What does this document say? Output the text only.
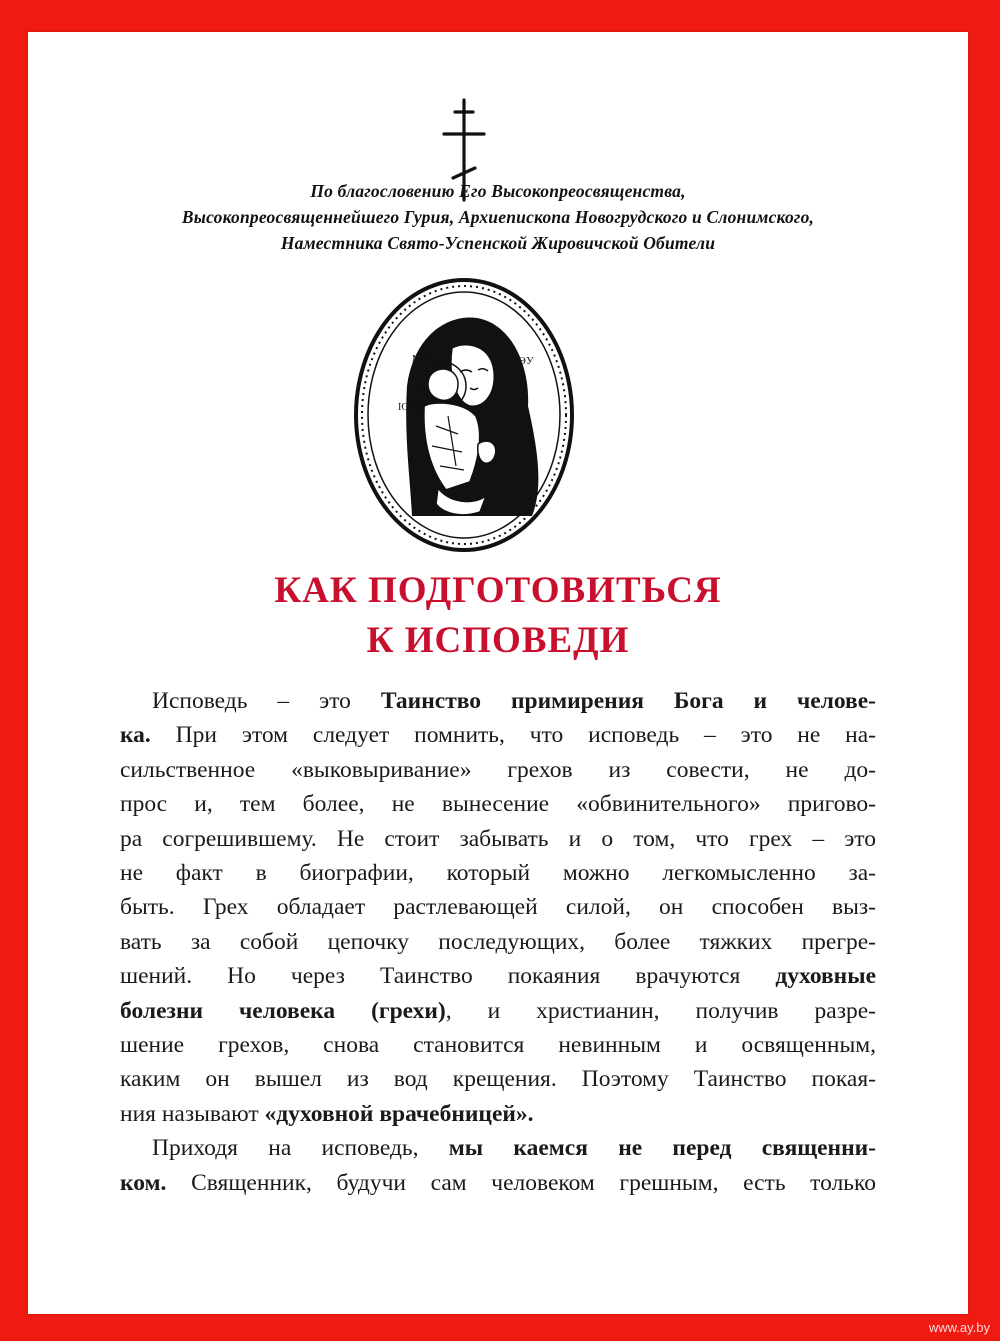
По благословению Его Высокопреосвященства,
Высокопреосвященнейшего Гурия, Архиепископа Новогрудского и Слонимского,
Наместника Свято-Успенской Жировичской Обители
МР	ΘУ
IC XC
КАК ПОДГОТОВИТЬСЯ
К ИСПОВЕДИ
Исповедь – это Таинство примирения Бога и челове-
ка. При этом следует помнить, что исповедь – это не на-
сильственное «выковыривание» грехов из совести, не до-
прос и, тем более, не вынесение «обвинительного» пригово-
ра согрешившему. Не стоит забывать и о том, что грех – это
не факт в биографии, который можно легкомысленно за-
быть. Грех обладает растлевающей силой, он способен выз-
вать за собой цепочку последующих, более тяжких прегре-
шений. Но через Таинство покаяния врачуются духовные
болезни человека (грехи), и христианин, получив разре-
шение грехов, снова становится невинным и освященным,
каким он вышел из вод крещения. Поэтому Таинство покая-
ния называют «духовной врачебницей».
Приходя на исповедь, мы каемся не перед священни-
ком. Священник, будучи сам человеком грешным, есть только
www.ay.by
